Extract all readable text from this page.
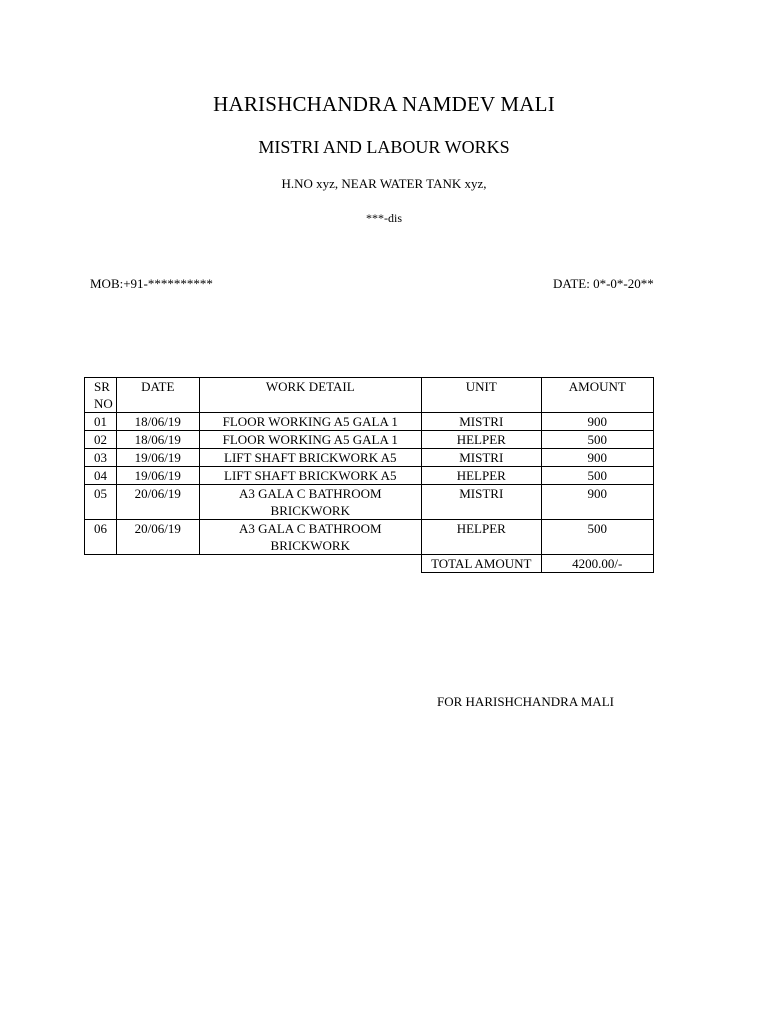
HARISHCHANDRA NAMDEV MALI
MISTRI AND LABOUR WORKS
H.NO xyz, NEAR WATER TANK xyz,
***-dis
MOB:+91-**********	DATE: 0*-0*-20**
SR NO	DATE	WORK DETAIL	UNIT	AMOUNT
01	18/06/19	FLOOR WORKING A5 GALA 1	MISTRI	900
02	18/06/19	FLOOR WORKING A5 GALA 1	HELPER	500
03	19/06/19	LIFT SHAFT BRICKWORK A5	MISTRI	900
04	19/06/19	LIFT SHAFT BRICKWORK A5	HELPER	500
05	20/06/19	A3 GALA C BATHROOM BRICKWORK	MISTRI	900
06	20/06/19	A3 GALA C BATHROOM BRICKWORK	HELPER	500
			TOTAL AMOUNT	4200.00/-
FOR HARISHCHANDRA MALI
